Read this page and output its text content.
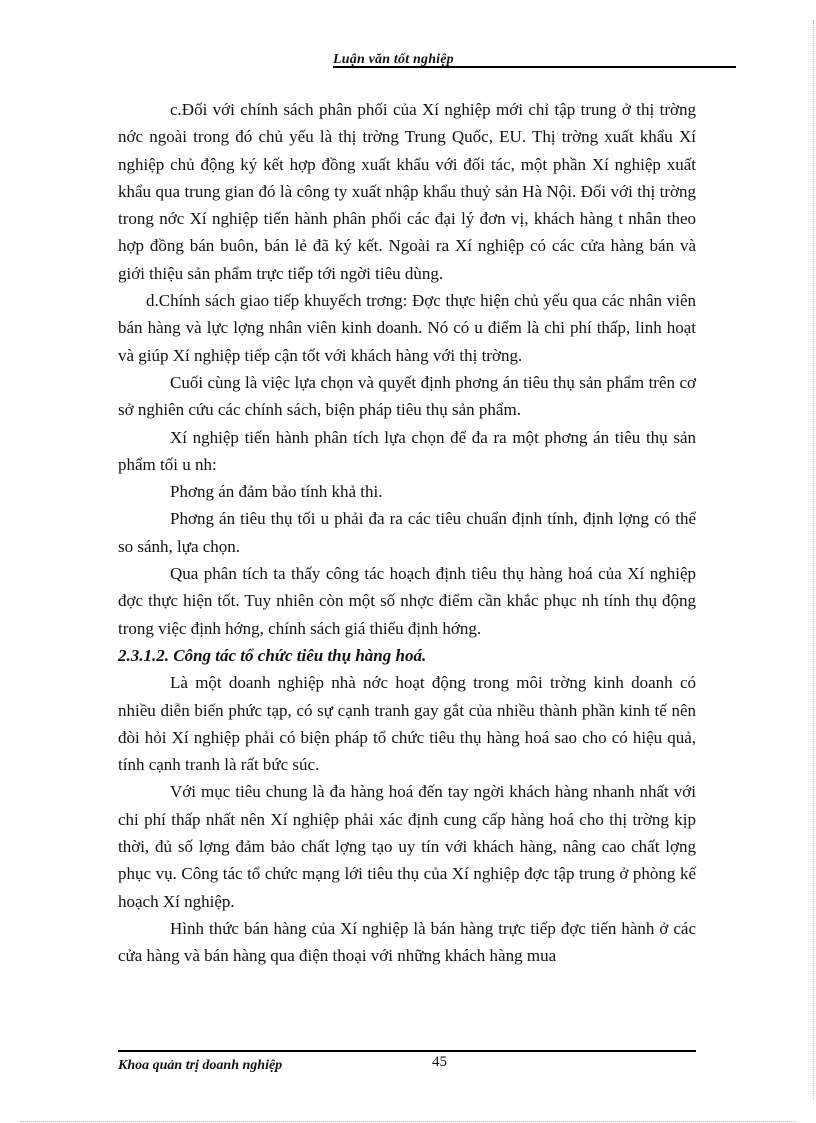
Luận văn tốt nghiệp

c.Đối với chính sách phân phối của Xí nghiệp mới chỉ tập trung ở thị trờng nớc ngoài trong đó chủ yếu là thị trờng Trung Quốc, EU. Thị trờng xuất khẩu Xí nghiệp chủ động ký kết hợp đồng xuất khẩu với đối tác, một phần Xí nghiệp xuất khẩu qua trung gian đó là công ty xuất nhập khẩu thuỷ sản Hà Nội. Đối với thị trờng trong nớc Xí nghiệp tiến hành phân phối các đại lý đơn vị, khách hàng t nhân theo hợp đồng bán buôn, bán lẻ đã ký kết. Ngoài ra Xí nghiệp có các cửa hàng bán và giới thiệu sản phẩm trực tiếp tới ngời tiêu dùng.

d.Chính sách giao tiếp khuyếch trơng: Đợc thực hiện chủ yếu qua các nhân viên bán hàng và lực lợng nhân viên kinh doanh. Nó có u điểm là chi phí thấp, linh hoạt và giúp Xí nghiệp tiếp cận tốt với khách hàng với thị trờng.

Cuối cùng là việc lựa chọn và quyết định phơng án tiêu thụ sản phẩm trên cơ sở nghiên cứu các chính sách, biện pháp tiêu thụ sản phẩm.

Xí nghiệp tiến hành phân tích lựa chọn để đa ra một phơng án tiêu thụ sản phẩm tối u nh:

Phơng án đảm bảo tính khả thi.

Phơng án tiêu thụ tối u phải đa ra các tiêu chuẩn định tính, định lợng có thể so sánh, lựa chọn.

Qua phân tích ta thấy công tác hoạch định tiêu thụ hàng hoá của Xí nghiệp đợc thực hiện tốt. Tuy nhiên còn một số nhợc điểm cần khắc phục nh tính thụ động trong việc định hớng, chính sách giá thiếu định hớng.

2.3.1.2. Công tác tổ chức tiêu thụ hàng hoá.

Là một doanh nghiệp nhà nớc hoạt động trong môi trờng kinh doanh có nhiều diễn biến phức tạp, có sự cạnh tranh gay gắt của nhiều thành phần kinh tế nên đòi hỏi Xí nghiệp phải có biện pháp tổ chức tiêu thụ hàng hoá sao cho có hiệu quả, tính cạnh tranh là rất bức súc.

Với mục tiêu chung là đa hàng hoá đến tay ngời khách hàng nhanh nhất với chi phí thấp nhất nên Xí nghiệp phải xác định cung cấp hàng hoá cho thị trờng kịp thời, đủ số lợng đảm bảo chất lợng tạo uy tín với khách hàng, nâng cao chất lợng phục vụ. Công tác tổ chức mạng lới tiêu thụ của Xí nghiệp đợc tập trung ở phòng kế hoạch Xí nghiệp.

Hình thức bán hàng của Xí nghiệp là bán hàng trực tiếp đợc tiến hành ở các cửa hàng và bán hàng qua điện thoại với những khách hàng mua

Khoa quản trị doanh nghiệp	45
